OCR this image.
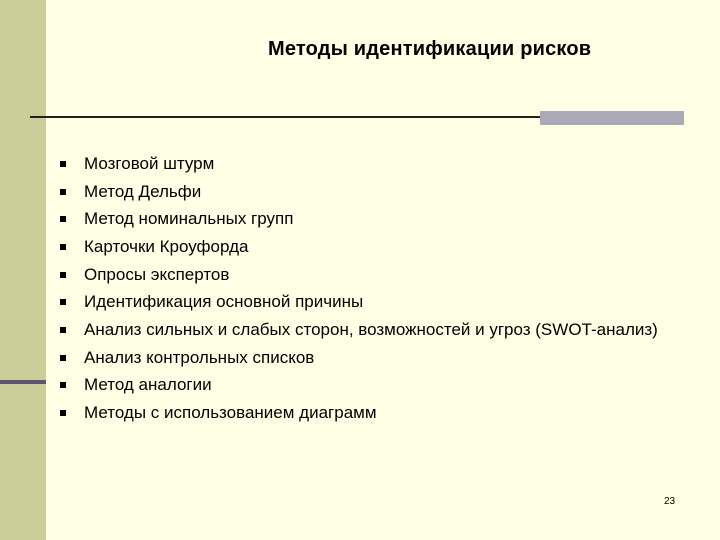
Методы идентификации рисков
Мозговой штурм
Метод Дельфи
Метод номинальных групп
Карточки Кроуфорда
Опросы экспертов
Идентификация основной причины
Анализ сильных и слабых сторон, возможностей и угроз (SWOT-анализ)
Анализ контрольных списков
Метод аналогии
Методы с использованием диаграмм
23
